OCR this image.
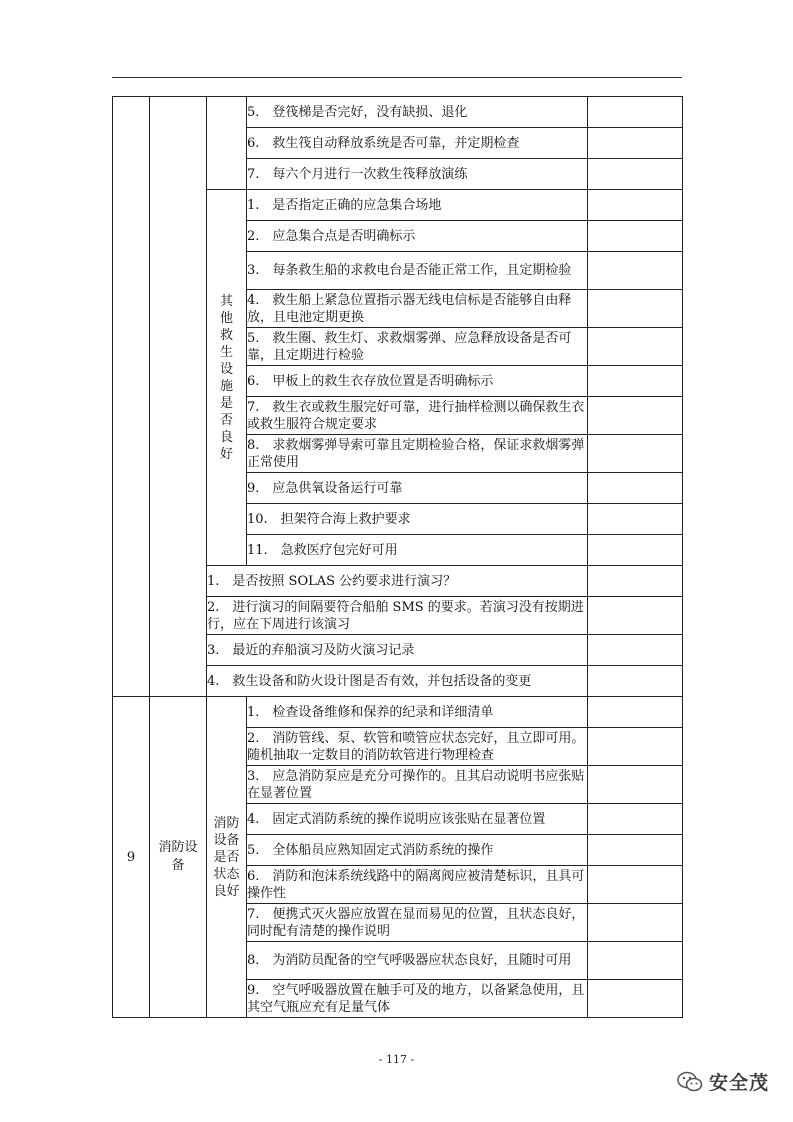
		5.　登筏梯是否完好，没有缺损、退化	
			6.　救生筏自动释放系统是否可靠，并定期检查	
			7.　每六个月进行一次救生筏释放演练	

		其他救生设施是否良好	1.　是否指定正确的应急集合场地	
			2.　应急集合点是否明确标示	
			3.　每条救生船的求救电台是否能正常工作，且定期检验	
			4.　救生船上紧急位置指示器无线电信标是否能够自由释放，且电池定期更换	
			5.　救生圈、救生灯、求救烟雾弹、应急释放设备是否可靠，且定期进行检验	
			6.　甲板上的救生衣存放位置是否明确标示	
			7.　救生衣或救生服完好可靠，进行抽样检测以确保救生衣或救生服符合规定要求	
			8.　求救烟雾弹导索可靠且定期检验合格，保证求救烟雾弹正常使用	
			9.　应急供氧设备运行可靠	
			10.　担架符合海上救护要求	
			11.　急救医疗包完好可用	
		1.　是否按照 SOLAS 公约要求进行演习？		
		2.　进行演习的间隔要符合船舶 SMS 的要求。若演习没有按期进行，应在下周进行该演习		
		3.　最近的弃船演习及防火演习记录		
		4.　救生设备和防火设计图是否有效，并包括设备的变更		
9	消防设备	消防设备是否状态良好	1.　检查设备维修和保养的纪录和详细清单	
			2.　消防管线、泵、软管和喷管应状态完好，且立即可用。随机抽取一定数目的消防软管进行物理检查	
			3.　应急消防泵应是充分可操作的。且其启动说明书应张贴在显著位置	
			4.　固定式消防系统的操作说明应该张贴在显著位置	
			5.　全体船员应熟知固定式消防系统的操作	
			6.　消防和泡沫系统线路中的隔离阀应被清楚标识，且具可操作性	
			7.　便携式灭火器应放置在显而易见的位置，且状态良好，同时配有清楚的操作说明	
			8.　为消防员配备的空气呼吸器应状态良好，且随时可用	
			9.　空气呼吸器放置在触手可及的地方，以备紧急使用，且其空气瓶应充有足量气体	
- 117 -
安全茂
